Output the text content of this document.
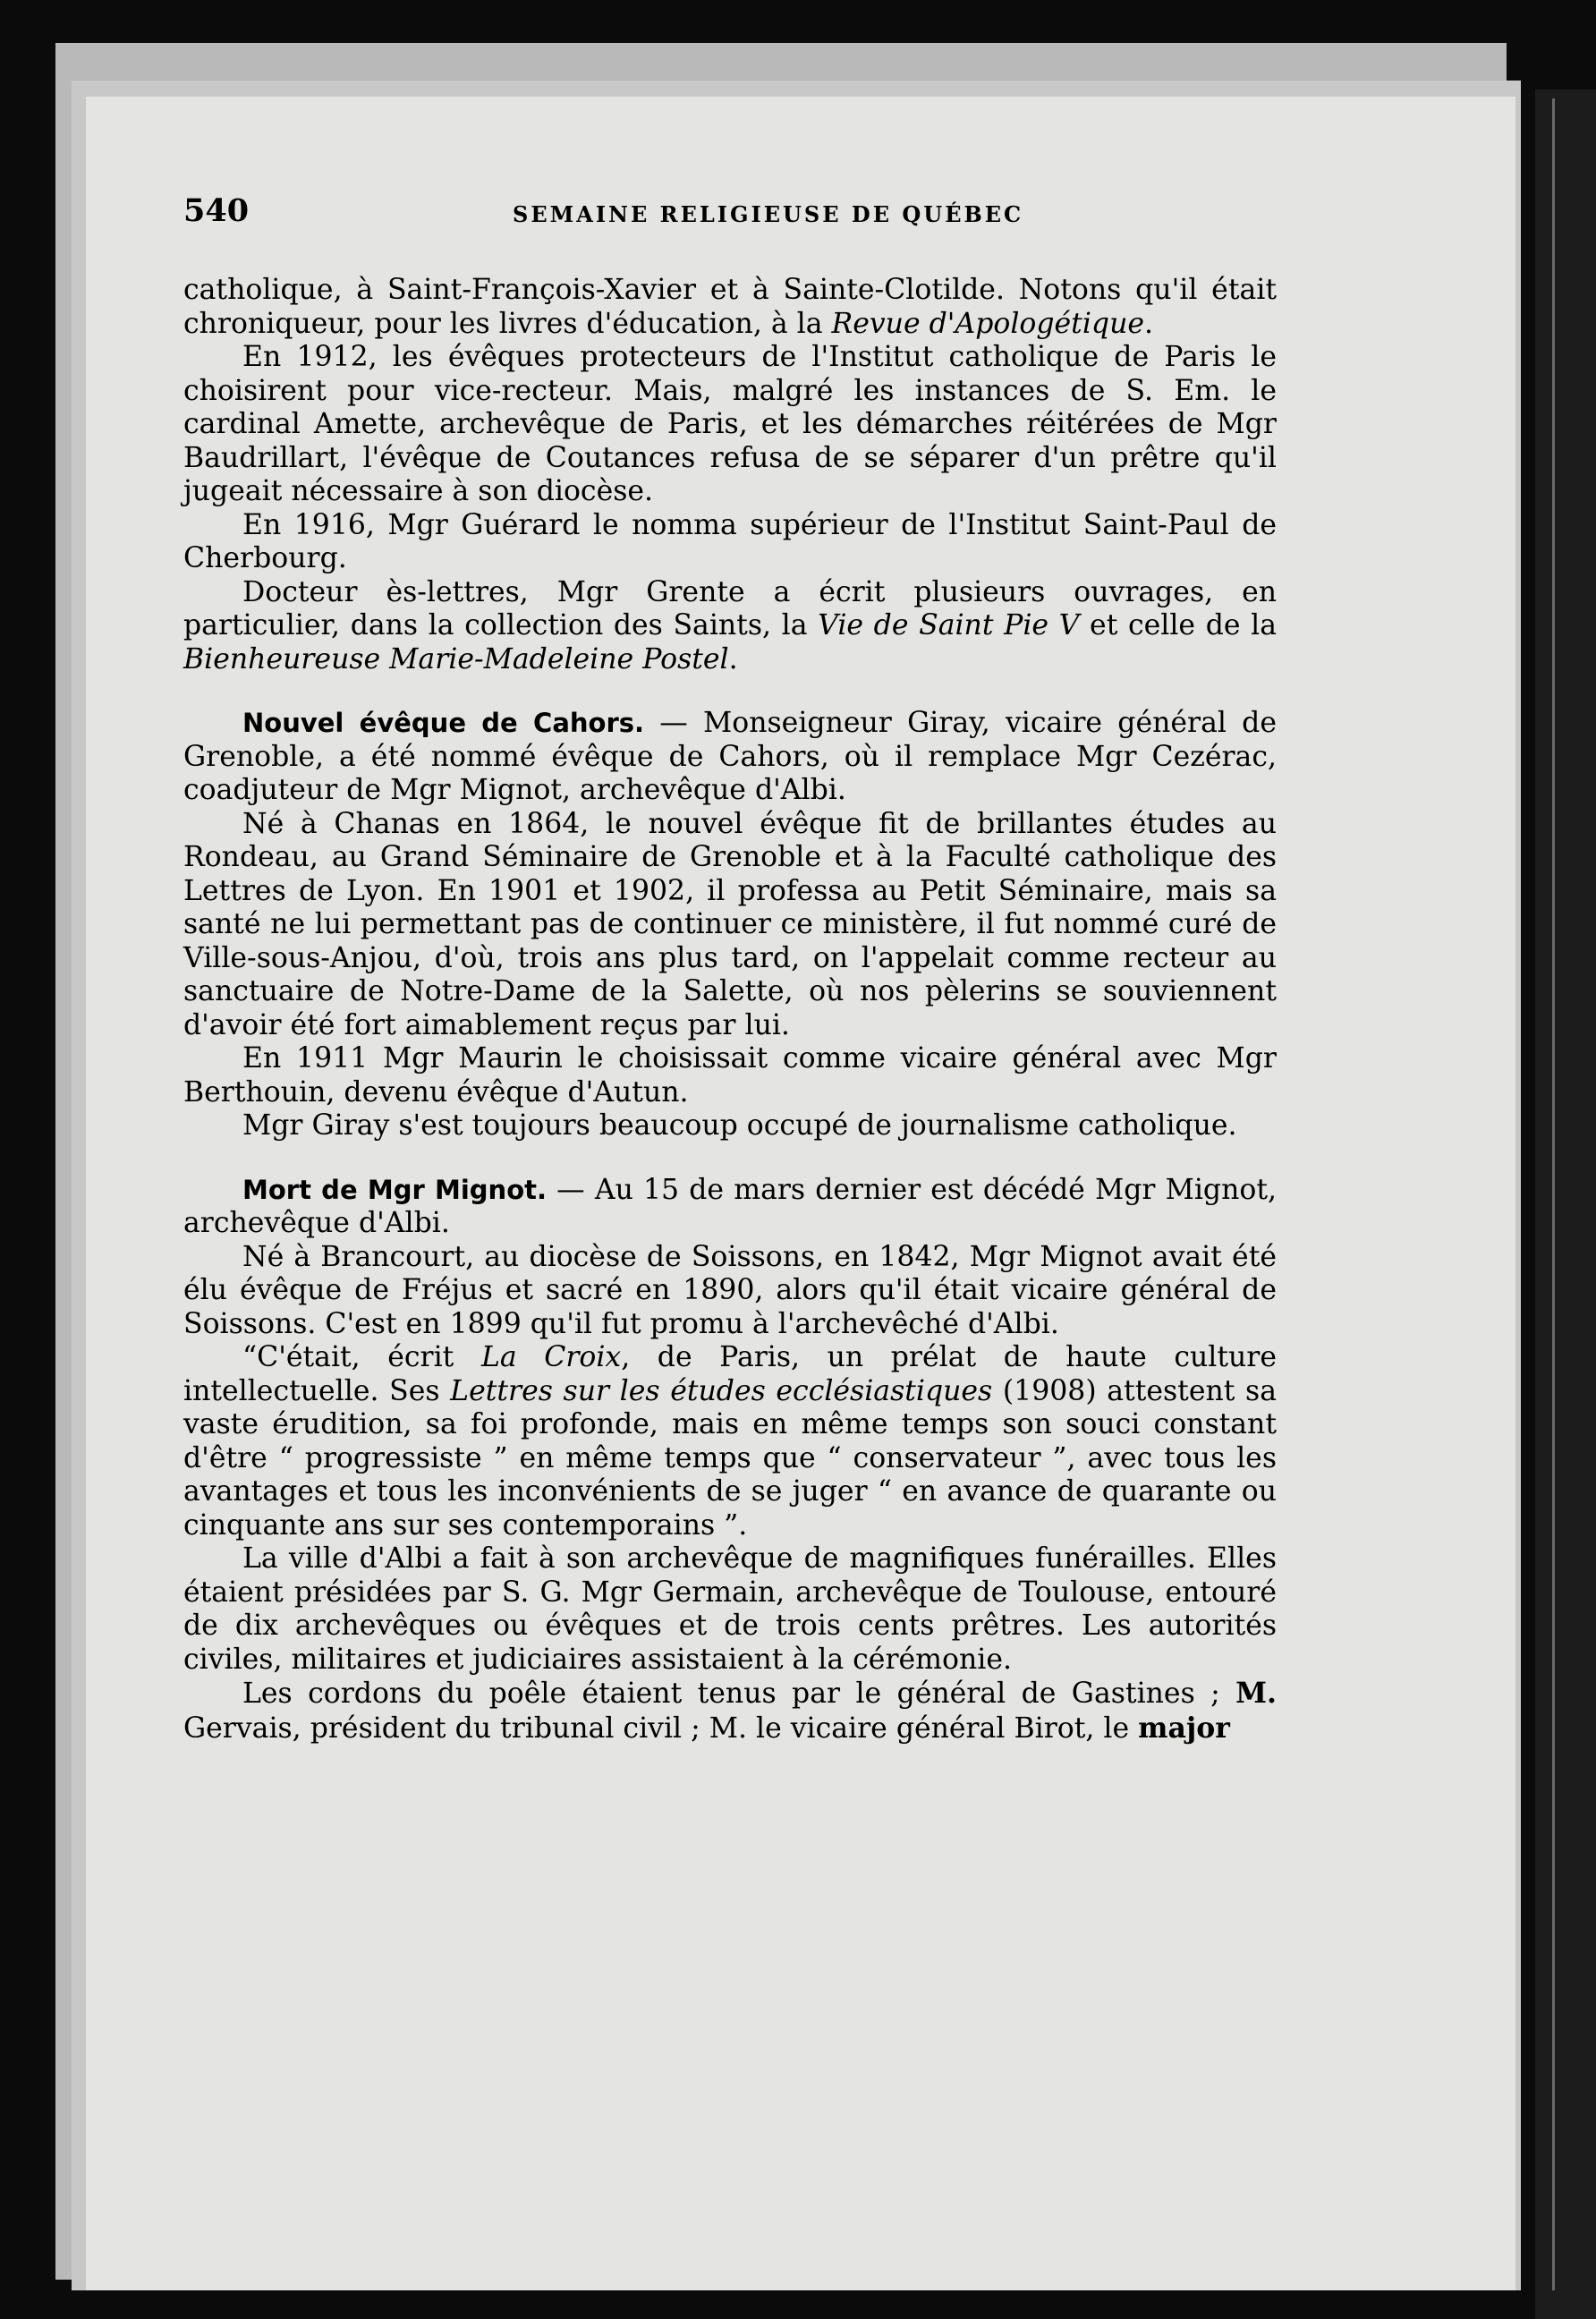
540	SEMAINE RELIGIEUSE DE QUÉBEC

catholique, à Saint-François-Xavier et à Sainte-Clotilde. Notons qu'il était chroniqueur, pour les livres d'éducation, à la Revue d'Apologétique.

En 1912, les évêques protecteurs de l'Institut catholique de Paris le choisirent pour vice-recteur. Mais, malgré les instances de S. Em. le cardinal Amette, archevêque de Paris, et les démarches réitérées de Mgr Baudrillart, l'évêque de Coutances refusa de se séparer d'un prêtre qu'il jugeait nécessaire à son diocèse.

En 1916, Mgr Guérard le nomma supérieur de l'Institut Saint-Paul de Cherbourg.

Docteur ès-lettres, Mgr Grente a écrit plusieurs ouvrages, en particulier, dans la collection des Saints, la Vie de Saint Pie V et celle de la Bienheureuse Marie-Madeleine Postel.

Nouvel évêque de Cahors. — Monseigneur Giray, vicaire général de Grenoble, a été nommé évêque de Cahors, où il remplace Mgr Cezérac, coadjuteur de Mgr Mignot, archevêque d'Albi.

Né à Chanas en 1864, le nouvel évêque fit de brillantes études au Rondeau, au Grand Séminaire de Grenoble et à la Faculté catholique des Lettres de Lyon. En 1901 et 1902, il professa au Petit Séminaire, mais sa santé ne lui permettant pas de continuer ce ministère, il fut nommé curé de Ville-sous-Anjou, d'où, trois ans plus tard, on l'appelait comme recteur au sanctuaire de Notre-Dame de la Salette, où nos pèlerins se souviennent d'avoir été fort aimablement reçus par lui.

En 1911 Mgr Maurin le choisissait comme vicaire général avec Mgr Berthouin, devenu évêque d'Autun.

Mgr Giray s'est toujours beaucoup occupé de journalisme catholique.

Mort de Mgr Mignot. — Au 15 de mars dernier est décédé Mgr Mignot, archevêque d'Albi.

Né à Brancourt, au diocèse de Soissons, en 1842, Mgr Mignot avait été élu évêque de Fréjus et sacré en 1890, alors qu'il était vicaire général de Soissons. C'est en 1899 qu'il fut promu à l'archevêché d'Albi.

“C'était, écrit La Croix, de Paris, un prélat de haute culture intellectuelle. Ses Lettres sur les études ecclésiastiques (1908) attestent sa vaste érudition, sa foi profonde, mais en même temps son souci constant d'être “ progressiste ” en même temps que “ conservateur ”, avec tous les avantages et tous les inconvénients de se juger “ en avance de quarante ou cinquante ans sur ses contemporains ”.

La ville d'Albi a fait à son archevêque de magnifiques funérailles. Elles étaient présidées par S. G. Mgr Germain, archevêque de Toulouse, entouré de dix archevêques ou évêques et de trois cents prêtres. Les autorités civiles, militaires et judiciaires assistaient à la cérémonie.

Les cordons du poêle étaient tenus par le général de Gastines ; M. Gervais, président du tribunal civil ; M. le vicaire général Birot, le major
